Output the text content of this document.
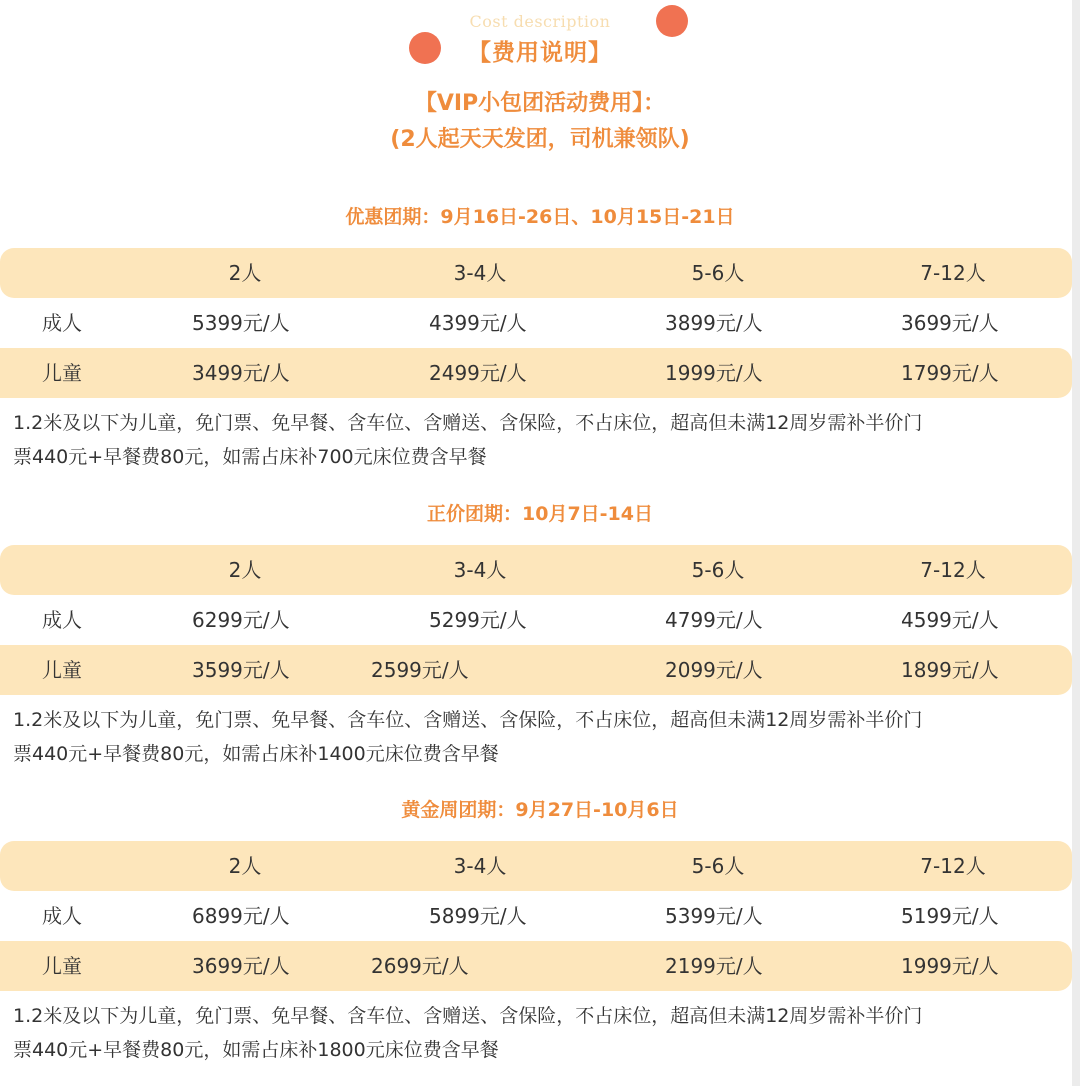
Cost description
【费用说明】
【VIP小包团活动费用】：
(2人起天天发团，司机兼领队)
优惠团期：9月16日-26日、10月15日-21日
2人	3-4人	5-6人	7-12人
成人	5399元/人	4399元/人	3899元/人	3699元/人
儿童	3499元/人	2499元/人	1999元/人	1799元/人
1.2米及以下为儿童，免门票、免早餐、含车位、含赠送、含保险，不占床位，超高但未满12周岁需补半价门
票440元+早餐费80元，如需占床补700元床位费含早餐
正价团期：10月7日-14日
2人	3-4人	5-6人	7-12人
成人	6299元/人	5299元/人	4799元/人	4599元/人
儿童	3599元/人	2599元/人	2099元/人	1899元/人
1.2米及以下为儿童，免门票、免早餐、含车位、含赠送、含保险，不占床位，超高但未满12周岁需补半价门
票440元+早餐费80元，如需占床补1400元床位费含早餐
黄金周团期：9月27日-10月6日
2人	3-4人	5-6人	7-12人
成人	6899元/人	5899元/人	5399元/人	5199元/人
儿童	3699元/人	2699元/人	2199元/人	1999元/人
1.2米及以下为儿童，免门票、免早餐、含车位、含赠送、含保险，不占床位，超高但未满12周岁需补半价门
票440元+早餐费80元，如需占床补1800元床位费含早餐
